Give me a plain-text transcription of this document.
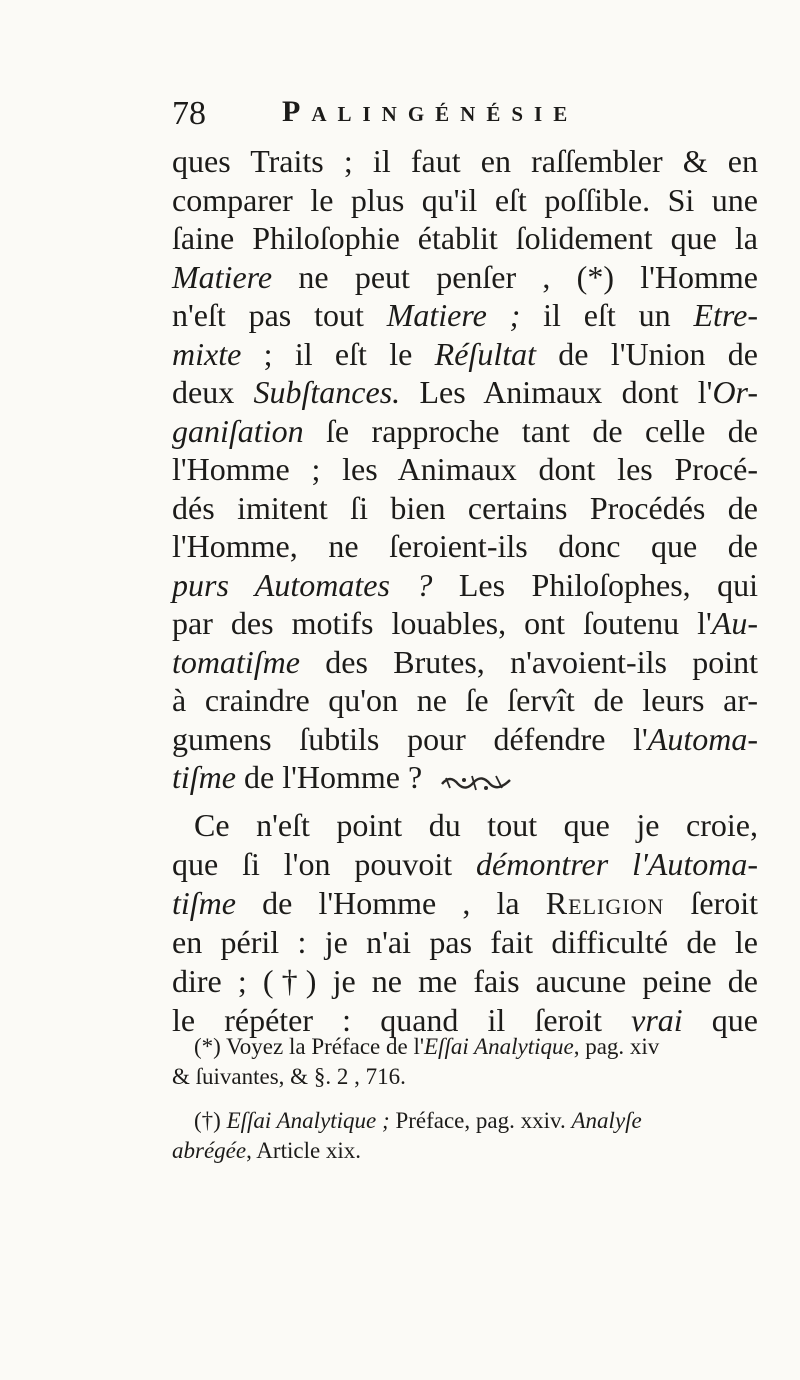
78	Palingénésie
ques Traits ; il faut en raſſembler & en
comparer le plus qu'il eſt poſſible. Si une
ſaine Philoſophie établit ſolidement que la
Matiere ne peut penſer , (*) l'Homme
n'eſt pas tout Matiere ; il eſt un Etre-
mixte ; il eſt le Réſultat de l'Union de
deux Subſtances. Les Animaux dont l'Or-
ganiſation ſe rapproche tant de celle de
l'Homme ; les Animaux dont les Procé-
dés imitent ſi bien certains Procédés de
l'Homme, ne ſeroient-ils donc que de
purs Automates ? Les Philoſophes, qui
par des motifs louables, ont ſoutenu l'Au-
tomatiſme des Brutes, n'avoient-ils point
à craindre qu'on ne ſe ſervît de leurs ar-
gumens ſubtils pour défendre l'Automa-
tiſme de l'Homme ?
Ce n'eſt point du tout que je croie,
que ſi l'on pouvoit démontrer l'Automa-
tiſme de l'Homme , la Religion ſeroit
en péril : je n'ai pas fait difficulté de le
dire ; (†) je ne me fais aucune peine de
le répéter : quand il ſeroit vrai que
(*) Voyez la Préface de l'Eſſai Analytique, pag. xiv
& ſuivantes, & §. 2 , 716.
(†) Eſſai Analytique ; Préface, pag. xxiv. Analyſe
abrégée, Article xix.
